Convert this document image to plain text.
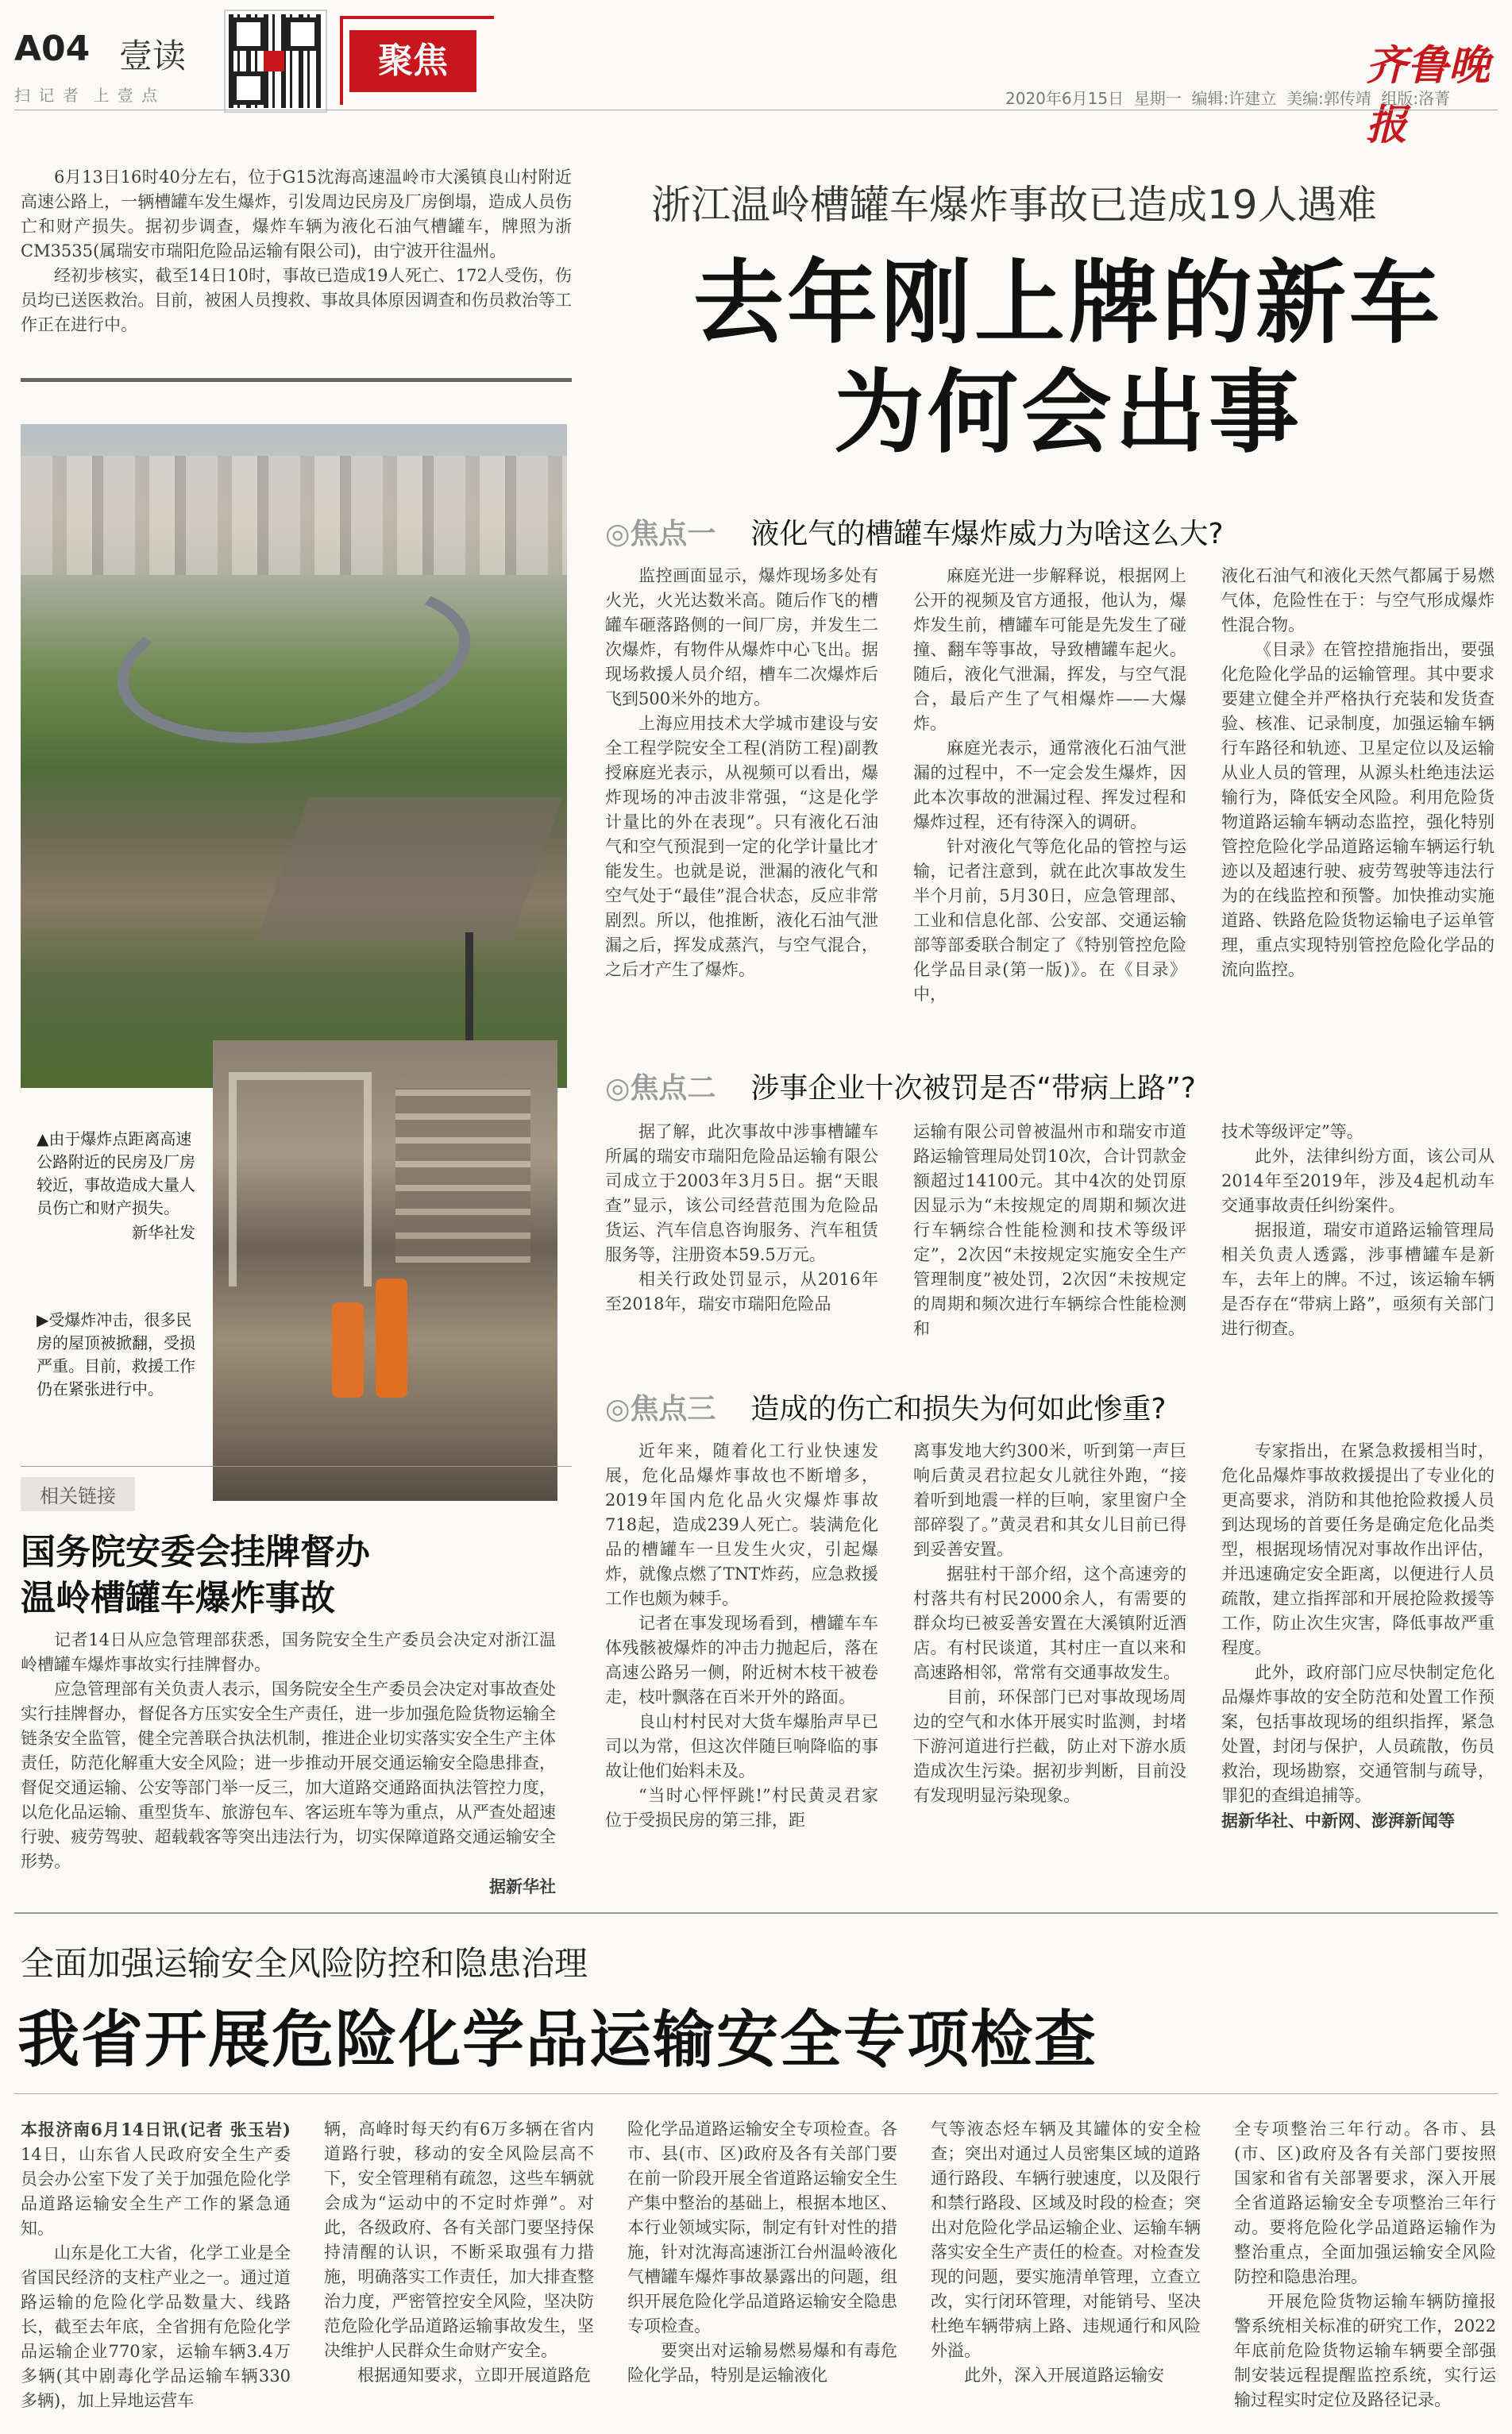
A04 壹读
扫 记 者  上 壹 点
聚焦	齐鲁晚报
2020年6月15日  星期一  编辑:许建立  美编:郭传靖  组版:洛菁

6月13日16时40分左右，位于G15沈海高速温岭市大溪镇良山村附近高速公路上，一辆槽罐车发生爆炸，引发周边民房及厂房倒塌，造成人员伤亡和财产损失。据初步调查，爆炸车辆为液化石油气槽罐车，牌照为浙CM3535(属瑞安市瑞阳危险品运输有限公司)，由宁波开往温州。

经初步核实，截至14日10时，事故已造成19人死亡、172人受伤，伤员均已送医救治。目前，被困人员搜救、事故具体原因调查和伤员救治等工作正在进行中。

浙江温岭槽罐车爆炸事故已造成19人遇难
去年刚上牌的新车
为何会出事

▲由于爆炸点距离高速公路附近的民房及厂房较近，事故造成大量人员伤亡和财产损失。

新华社发

▶受爆炸冲击，很多民房的屋顶被掀翻，受损严重。目前，救援工作仍在紧张进行中。

◎焦点一 液化气的槽罐车爆炸威力为啥这么大?

监控画面显示，爆炸现场多处有火光，火光达数米高。随后作飞的槽罐车砸落路侧的一间厂房，并发生二次爆炸，有物件从爆炸中心飞出。据现场救援人员介绍，槽车二次爆炸后飞到500米外的地方。

上海应用技术大学城市建设与安全工程学院安全工程(消防工程)副教授麻庭光表示，从视频可以看出，爆炸现场的冲击波非常强，“这是化学计量比的外在表现”。只有液化石油气和空气预混到一定的化学计量比才能发生。也就是说，泄漏的液化气和空气处于“最佳”混合状态，反应非常剧烈。所以，他推断，液化石油气泄漏之后，挥发成蒸汽，与空气混合，之后才产生了爆炸。

麻庭光进一步解释说，根据网上公开的视频及官方通报，他认为，爆炸发生前，槽罐车可能是先发生了碰撞、翻车等事故，导致槽罐车起火。随后，液化气泄漏，挥发，与空气混合，最后产生了气相爆炸——大爆炸。

麻庭光表示，通常液化石油气泄漏的过程中，不一定会发生爆炸，因此本次事故的泄漏过程、挥发过程和爆炸过程，还有待深入的调研。

针对液化气等危化品的管控与运输，记者注意到，就在此次事故发生半个月前，5月30日，应急管理部、工业和信息化部、公安部、交通运输部等部委联合制定了《特别管控危险化学品目录(第一版)》。在《目录》中，

液化石油气和液化天然气都属于易燃气体，危险性在于：与空气形成爆炸性混合物。

《目录》在管控措施指出，要强化危险化学品的运输管理。其中要求要建立健全并严格执行充装和发货查验、核准、记录制度，加强运输车辆行车路径和轨迹、卫星定位以及运输从业人员的管理，从源头杜绝违法运输行为，降低安全风险。利用危险货物道路运输车辆动态监控，强化特别管控危险化学品道路运输车辆运行轨迹以及超速行驶、疲劳驾驶等违法行为的在线监控和预警。加快推动实施道路、铁路危险货物运输电子运单管理，重点实现特别管控危险化学品的流向监控。

◎焦点二 涉事企业十次被罚是否“带病上路”?

据了解，此次事故中涉事槽罐车所属的瑞安市瑞阳危险品运输有限公司成立于2003年3月5日。据“天眼查”显示，该公司经营范围为危险品货运、汽车信息咨询服务、汽车租赁服务等，注册资本59.5万元。

相关行政处罚显示，从2016年至2018年，瑞安市瑞阳危险品

运输有限公司曾被温州市和瑞安市道路运输管理局处罚10次，合计罚款金额超过14100元。其中4次的处罚原因显示为“未按规定的周期和频次进行车辆综合性能检测和技术等级评定”，2次因“未按规定实施安全生产管理制度”被处罚，2次因“未按规定的周期和频次进行车辆综合性能检测和

技术等级评定”等。

此外，法律纠纷方面，该公司从2014年至2019年，涉及4起机动车交通事故责任纠纷案件。

据报道，瑞安市道路运输管理局相关负责人透露，涉事槽罐车是新车，去年上的牌。不过，该运输车辆是否存在“带病上路”，亟须有关部门进行彻查。

◎焦点三 造成的伤亡和损失为何如此惨重?

近年来，随着化工行业快速发展，危化品爆炸事故也不断增多，2019年国内危化品火灾爆炸事故718起，造成239人死亡。装满危化品的槽罐车一旦发生火灾，引起爆炸，就像点燃了TNT炸药，应急救援工作也颇为棘手。

记者在事发现场看到，槽罐车车体残骸被爆炸的冲击力抛起后，落在高速公路另一侧，附近树木枝干被卷走，枝叶飘落在百米开外的路面。

良山村村民对大货车爆胎声早已司以为常，但这次伴随巨响降临的事故让他们始料未及。

“当时心怦怦跳!”村民黄灵君家位于受损民房的第三排，距

离事发地大约300米，听到第一声巨响后黄灵君拉起女儿就往外跑，“接着听到地震一样的巨响，家里窗户全部碎裂了。”黄灵君和其女儿目前已得到妥善安置。

据驻村干部介绍，这个高速旁的村落共有村民2000余人，有需要的群众均已被妥善安置在大溪镇附近酒店。有村民谈道，其村庄一直以来和高速路相邻，常常有交通事故发生。

目前，环保部门已对事故现场周边的空气和水体开展实时监测，封堵下游河道进行拦截，防止对下游水质造成次生污染。据初步判断，目前没有发现明显污染现象。

专家指出，在紧急救援相当时，危化品爆炸事故救援提出了专业化的更高要求，消防和其他抢险救援人员到达现场的首要任务是确定危化品类型，根据现场情况对事故作出评估，并迅速确定安全距离，以便进行人员疏散，建立指挥部和开展抢险救援等工作，防止次生灾害，降低事故严重程度。

此外，政府部门应尽快制定危化品爆炸事故的安全防范和处置工作预案，包括事故现场的组织指挥，紧急处置，封闭与保护，人员疏散，伤员救治，现场勘察，交通管制与疏导，罪犯的查缉追捕等。

据新华社、中新网、澎湃新闻等

相关链接
国务院安委会挂牌督办
温岭槽罐车爆炸事故

记者14日从应急管理部获悉，国务院安全生产委员会决定对浙江温岭槽罐车爆炸事故实行挂牌督办。

应急管理部有关负责人表示，国务院安全生产委员会决定对事故查处实行挂牌督办，督促各方压实安全生产责任，进一步加强危险货物运输全链条安全监管，健全完善联合执法机制，推进企业切实落实安全生产主体责任，防范化解重大安全风险；进一步推动开展交通运输安全隐患排查，督促交通运输、公安等部门举一反三，加大道路交通路面执法管控力度，以危化品运输、重型货车、旅游包车、客运班车等为重点，从严查处超速行驶、疲劳驾驶、超载载客等突出违法行为，切实保障道路交通运输安全形势。

据新华社

全面加强运输安全风险防控和隐患治理
我省开展危险化学品运输安全专项检查

本报济南6月14日讯(记者 张玉岩) 14日，山东省人民政府安全生产委员会办公室下发了关于加强危险化学品道路运输安全生产工作的紧急通知。

山东是化工大省，化学工业是全省国民经济的支柱产业之一。通过道路运输的危险化学品数量大、线路长，截至去年底，全省拥有危险化学品运输企业770家，运输车辆3.4万多辆(其中剧毒化学品运输车辆330多辆)，加上异地运营车

辆，高峰时每天约有6万多辆在省内道路行驶，移动的安全风险层高不下，安全管理稍有疏忽，这些车辆就会成为“运动中的不定时炸弹”。对此，各级政府、各有关部门要坚持保持清醒的认识，不断采取强有力措施，明确落实工作责任，加大排查整治力度，严密管控安全风险，坚决防范危险化学品道路运输事故发生，坚决维护人民群众生命财产安全。

根据通知要求，立即开展道路危

险化学品道路运输安全专项检查。各市、县(市、区)政府及各有关部门要在前一阶段开展全省道路运输安全生产集中整治的基础上，根据本地区、本行业领域实际，制定有针对性的措施，针对沈海高速浙江台州温岭液化气槽罐车爆炸事故暴露出的问题，组织开展危险化学品道路运输安全隐患专项检查。

要突出对运输易燃易爆和有毒危险化学品，特别是运输液化

气等液态烃车辆及其罐体的安全检查；突出对通过人员密集区域的道路通行路段、车辆行驶速度，以及限行和禁行路段、区域及时段的检查；突出对危险化学品运输企业、运输车辆落实安全生产责任的检查。对检查发现的问题，要实施清单管理，立查立改，实行闭环管理，对能销号、坚决杜绝车辆带病上路、违规通行和风险外溢。

此外，深入开展道路运输安

全专项整治三年行动。各市、县(市、区)政府及各有关部门要按照国家和省有关部署要求，深入开展全省道路运输安全专项整治三年行动。要将危险化学品道路运输作为整治重点，全面加强运输安全风险防控和隐患治理。

开展危险货物运输车辆防撞报警系统相关标准的研究工作，2022年底前危险货物运输车辆要全部强制安装远程提醒监控系统，实行运输过程实时定位及路径记录。
